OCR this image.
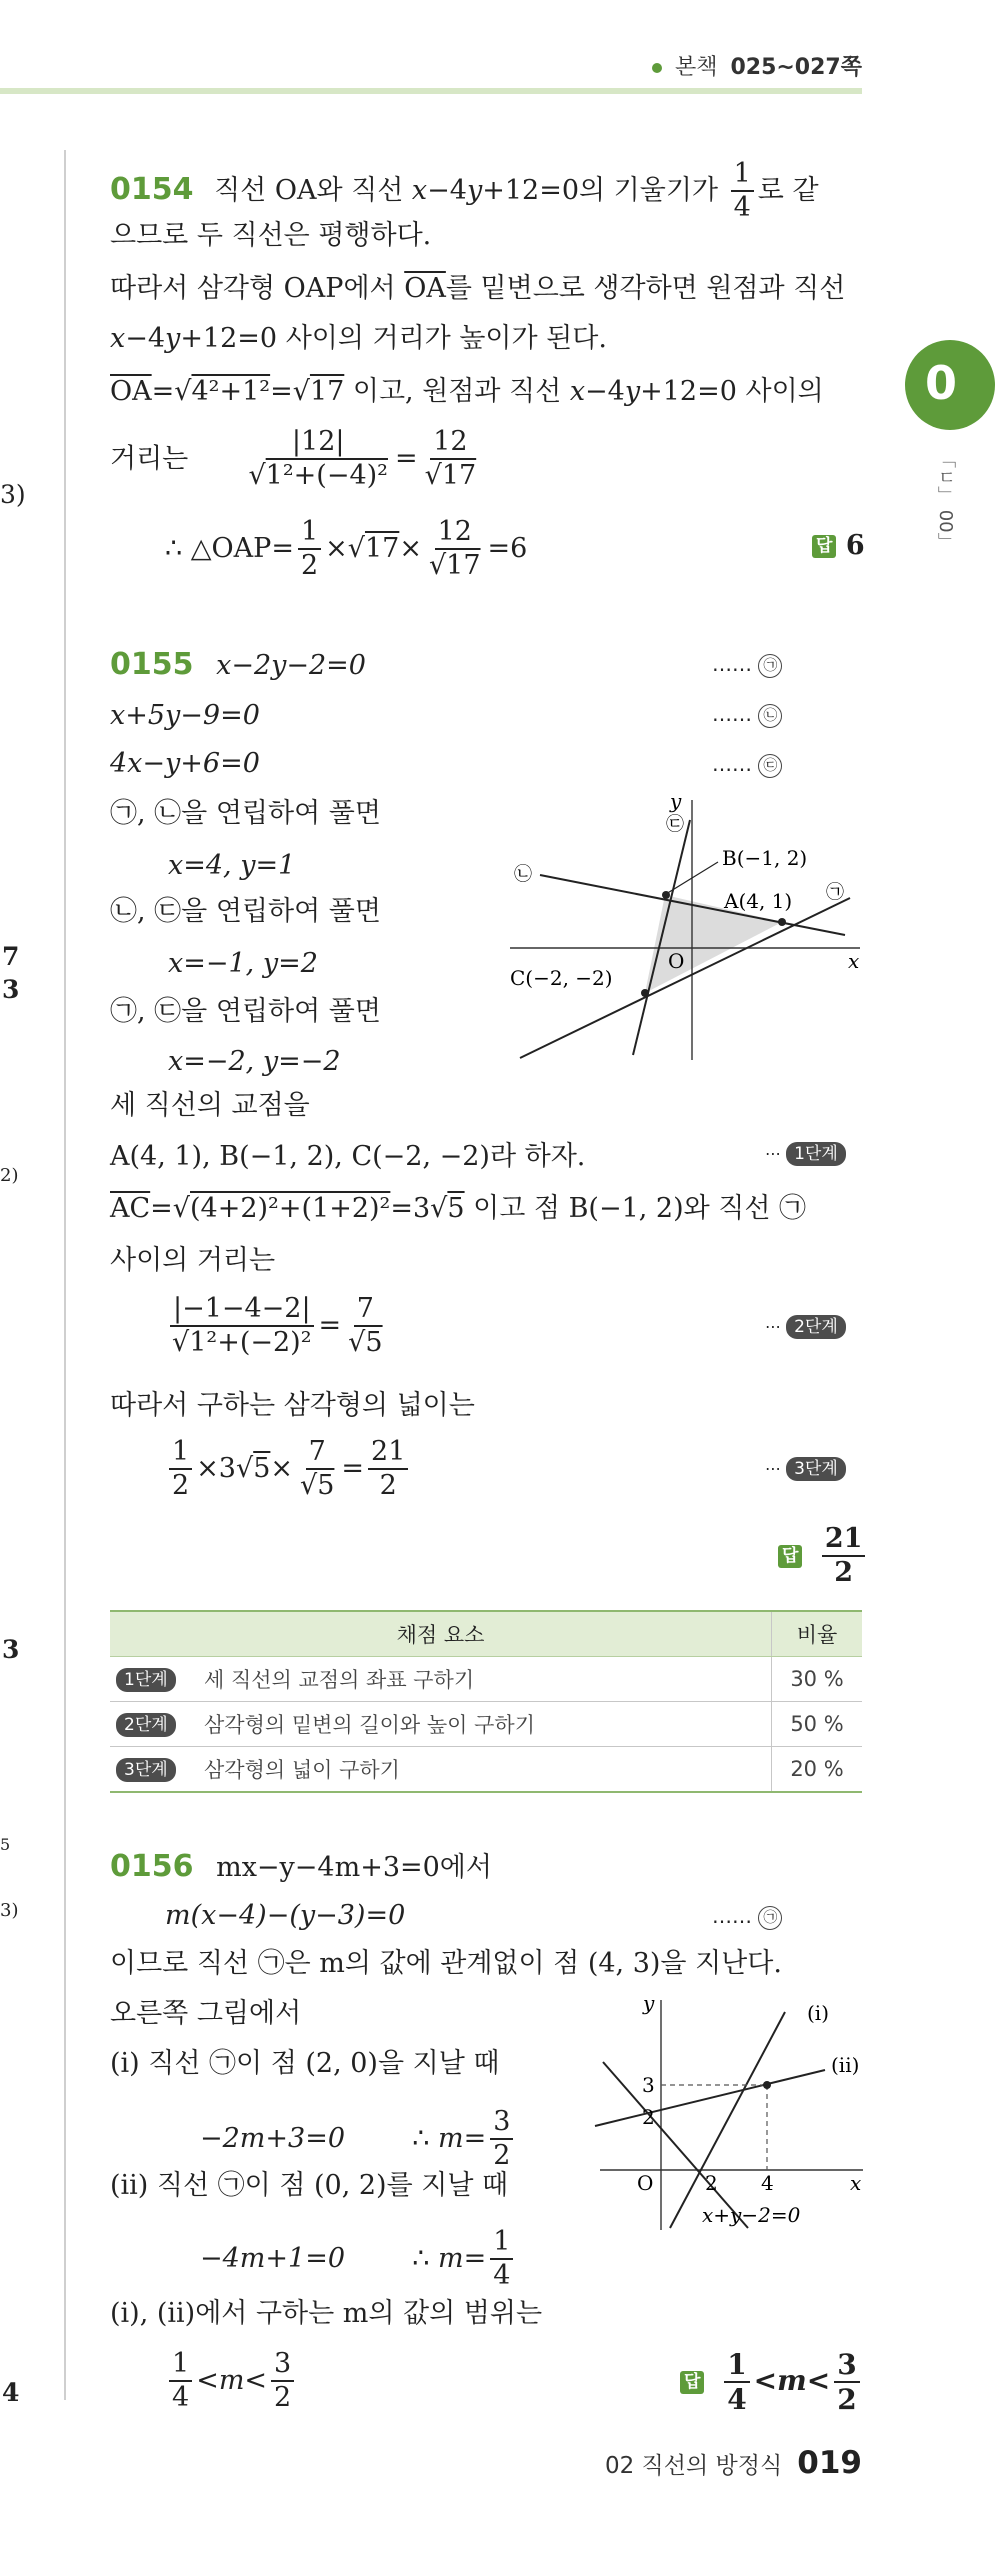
본책 025~027쪽
0
「ㄷ」 00」
3)
7
3
2)
3
5
3)
4
0154 직선 OA와 직선 x−4y+12=0의 기울기가 $\frac{1}{4}$ 로 같
으므로 두 직선은 평행하다.
따라서 삼각형 OAP에서 $\overline{OA}$를 밑변으로 생각하면 원점과 직선
x−4y+12=0 사이의 거리가 높이가 된다.
$\overline{OA}=√4^2+1^2=√17$ 이고, 원점과 직선 x−4y+12=0 사이의
거리는 $\frac{|12|}{\text{√1²+(−4)²}} = \frac{12}{√17}$
∴ △OAP= $\frac{1}{2} \times√17\times \frac{12}{√17} =6$	답 6
0155 x−2y−2=0
x+5y−9=0
4x−y+6=0
…… ㉠
…… ㉡
…… ㉢
㉠, ㉡을 연립하여 풀면
x=4, y=1
㉡, ㉢을 연립하여 풀면
x=−1, y=2
㉠, ㉢을 연립하여 풀면
x=−2, y=−2
y
x
O
B(−1, 2)
A(4, 1)
C(−2, −2)
㉠
㉡
㉢
세 직선의 교점을
A(4, 1), B(−1, 2), C(−2, −2)라 하자.	⋯ 1단계
$\overline{AC}=√(4+2)^2+(1+2)^2=3√5$ 이고 점 B(−1, 2)와 직선 ㉠
사이의 거리는
$\frac{|-1-4-2|}{\text{√1²+(−2)²}} = \frac{7}{√5}$	⋯ 2단계
따라서 구하는 삼각형의 넓이는
$\frac{1}{2} \times 3√5\times \frac{7}{√5} = \frac{21}{2}$	⋯ 3단계
답 $\frac{21}{2}$
채점 요소		비율
1단계	세 직선의 교점의 좌표 구하기	30 %
2단계	삼각형의 밑변의 길이와 높이 구하기	50 %
3단계	삼각형의 넓이 구하기	20 %
0156 mx−y−4m+3=0에서
m(x−4)−(y−3)=0	…… ㉠
이므로 직선 ㉠은 m의 값에 관계없이 점 (4, 3)을 지난다.
오른쪽 그림에서
(i) 직선 ㉠이 점 (2, 0)을 지날 때
−2m+3=0 ∴ $m= \frac{3}{2}$
(ii) 직선 ㉠이 점 (0, 2)를 지날 때
−4m+1=0 ∴ $m= \frac{1}{4}$
(i), (ii)에서 구하는 m의 값의 범위는
$\frac{1}{4} <m< \frac{3}{2}$	답 $\frac{1}{4} <m< \frac{3}{2}$
(i)
(ii)
y
x
O
3
2
2 4
x+y−2=0
02 직선의 방정식 019
